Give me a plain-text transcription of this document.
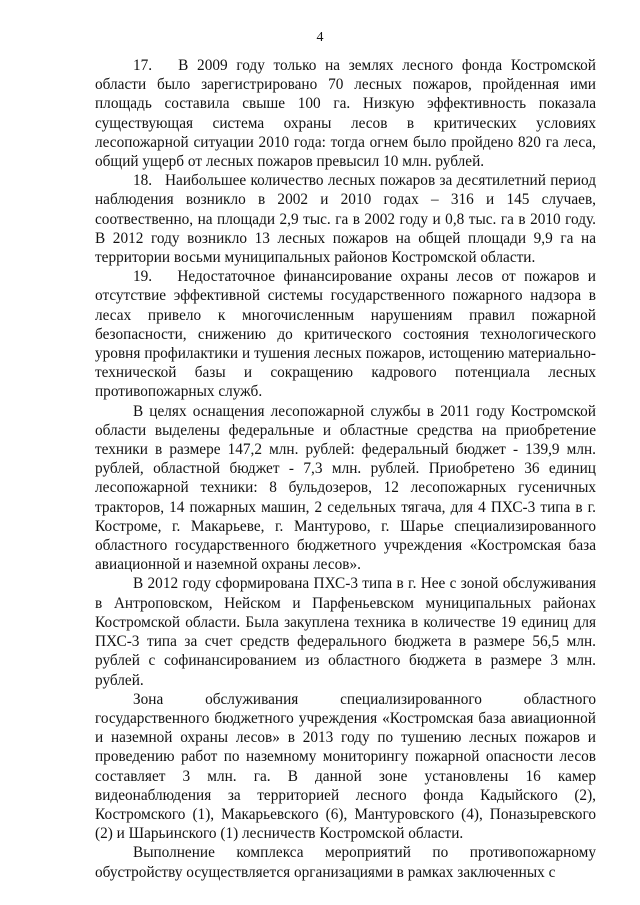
4

17.   В 2009 году только на землях лесного фонда Костромской области было зарегистрировано 70 лесных пожаров, пройденная ими площадь составила свыше 100 га. Низкую эффективность показала существующая система охраны лесов в критических условиях лесопожарной ситуации 2010 года: тогда огнем было пройдено 820 га леса, общий ущерб от лесных пожаров превысил 10 млн. рублей.

18.   Наибольшее количество лесных пожаров за десятилетний период наблюдения возникло в 2002 и 2010 годах – 316 и 145 случаев, соотвественно, на площади 2,9 тыс. га в 2002 году и 0,8 тыс. га в 2010 году. В 2012 году возникло 13 лесных пожаров на общей площади 9,9 га на территории восьми муниципальных районов Костромской области.

19.   Недостаточное финансирование охраны лесов от пожаров и отсутствие эффективной системы государственного пожарного надзора в лесах привело к многочисленным нарушениям правил пожарной безопасности, снижению до критического состояния технологического уровня профилактики и тушения лесных пожаров, истощению материально-технической базы и сокращению кадрового потенциала лесных противопожарных служб.

В целях оснащения лесопожарной службы в 2011 году Костромской области выделены федеральные и областные средства на приобретение техники в размере 147,2 млн. рублей: федеральный бюджет - 139,9 млн. рублей, областной бюджет - 7,3 млн. рублей. Приобретено 36 единиц лесопожарной техники: 8 бульдозеров, 12 лесопожарных гусеничных тракторов, 14 пожарных машин, 2 седельных тягача, для 4 ПХС-3 типа в г. Костроме, г. Макарьеве, г. Мантурово, г. Шарье специализированного областного государственного бюджетного учреждения «Костромская база авиационной и наземной охраны лесов».

В 2012 году сформирована ПХС-3 типа в г. Нее с зоной обслуживания в Антроповском, Нейском и Парфеньевском муниципальных районах Костромской области. Была закуплена техника в количестве 19 единиц для ПХС-3 типа за счет средств федерального бюджета в размере 56,5 млн. рублей с софинансированием из областного бюджета в размере 3 млн. рублей.

Зона обслуживания специализированного областного государственного бюджетного учреждения «Костромская база авиационной и наземной охраны лесов» в 2013 году по тушению лесных пожаров и проведению работ по наземному мониторингу пожарной опасности лесов составляет 3 млн. га. В данной зоне установлены 16 камер видеонаблюдения за территорией лесного фонда Кадыйского (2), Костромского (1), Макарьевского (6), Мантуровского (4), Поназыревского (2) и Шарьинского (1) лесничеств Костромской области.

Выполнение комплекса мероприятий по противопожарному обустройству осуществляется организациями в рамках заключенных с
